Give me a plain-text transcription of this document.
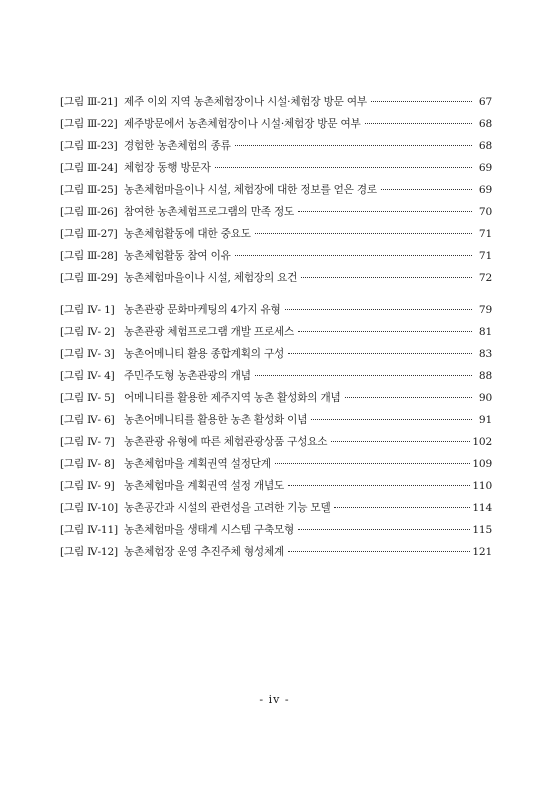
[그림 Ⅲ-21] 제주 이외 지역 농촌체험장이나 시설·체험장 방문 여부	67
[그림 Ⅲ-22] 제주방문에서 농촌체험장이나 시설·체험장 방문 여부	68
[그림 Ⅲ-23] 경험한 농촌체험의 종류	68
[그림 Ⅲ-24] 체험장 동행 방문자	69
[그림 Ⅲ-25] 농촌체험마을이나 시설, 체험장에 대한 정보를 얻은 경로	69
[그림 Ⅲ-26] 참여한 농촌체험프로그램의 만족 정도	70
[그림 Ⅲ-27] 농촌체험활동에 대한 중요도	71
[그림 Ⅲ-28] 농촌체험활동 참여 이유	71
[그림 Ⅲ-29] 농촌체험마을이나 시설, 체험장의 요건	72
[그림 Ⅳ- 1] 농촌관광 문화마케팅의 4가지 유형	79
[그림 Ⅳ- 2] 농촌관광 체험프로그램 개발 프로세스	81
[그림 Ⅳ- 3] 농촌어메니티 활용 종합계획의 구성	83
[그림 Ⅳ- 4] 주민주도형 농촌관광의 개념	88
[그림 Ⅳ- 5] 어메니티를 활용한 제주지역 농촌 활성화의 개념	90
[그림 Ⅳ- 6] 농촌어메니티를 활용한 농촌 활성화 이념	91
[그림 Ⅳ- 7] 농촌관광 유형에 따른 체험관광상품 구성요소	102
[그림 Ⅳ- 8] 농촌체험마을 계획권역 설정단계	109
[그림 Ⅳ- 9] 농촌체험마을 계획권역 설정 개념도	110
[그림 Ⅳ-10] 농촌공간과 시설의 관련성을 고려한 기능 모델	114
[그림 Ⅳ-11] 농촌체험마을 생태계 시스템 구축모형	115
[그림 Ⅳ-12] 농촌체험장 운영 추진주체 형성체계	121
- iv -
